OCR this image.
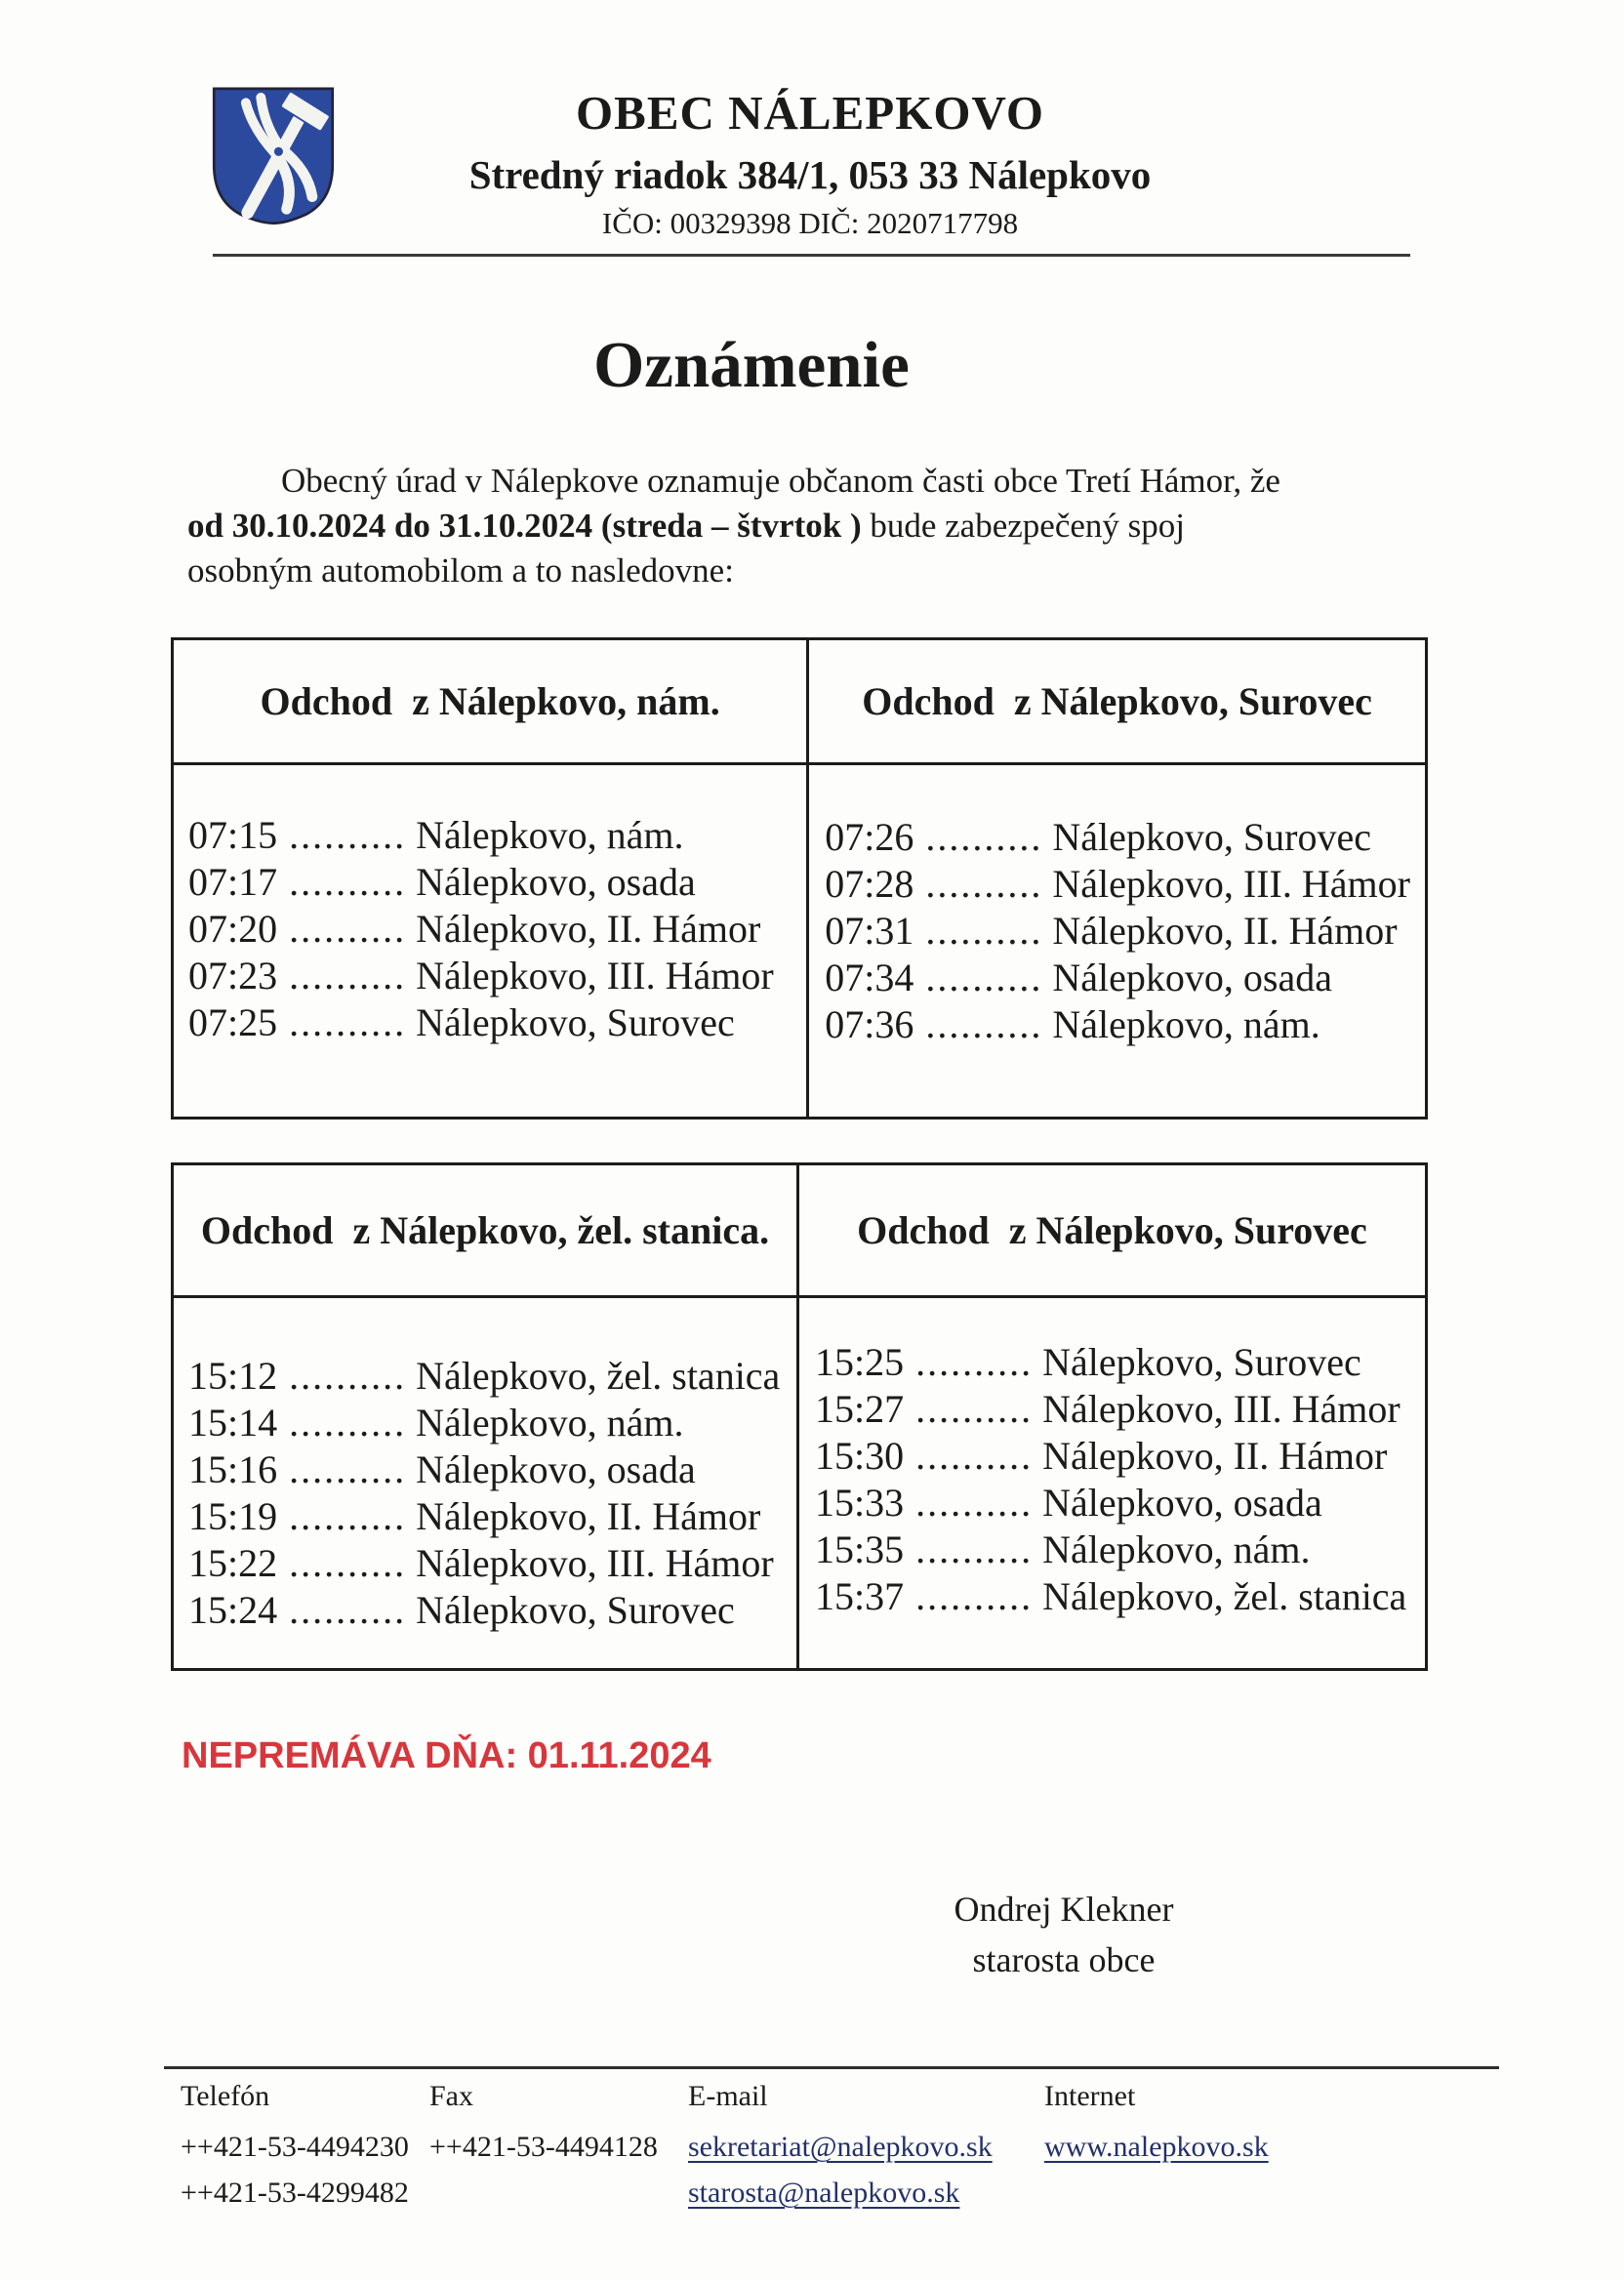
OBEC NÁLEPKOVO
Stredný riadok 384/1, 053 33 Nálepkovo
IČO: 00329398 DIČ: 2020717798
Oznámenie
Obecný úrad v Nálepkove oznamuje občanom časti obce Tretí Hámor, že
od 30.10.2024 do 31.10.2024 (streda – štvrtok ) bude zabezpečený spoj
osobným automobilom a to nasledovne:
Odchod  z Nálepkovo, nám.	Odchod  z Nálepkovo, Surovec
07:15 .......... Nálepkovo, nám.
07:17 .......... Nálepkovo, osada
07:20 .......... Nálepkovo, II. Hámor
07:23 .......... Nálepkovo, III. Hámor
07:25 .......... Nálepkovo, Surovec
07:26 .......... Nálepkovo, Surovec
07:28 .......... Nálepkovo, III. Hámor
07:31 .......... Nálepkovo, II. Hámor
07:34 .......... Nálepkovo, osada
07:36 .......... Nálepkovo, nám.
Odchod  z Nálepkovo, žel. stanica.	Odchod  z Nálepkovo, Surovec
15:12 .......... Nálepkovo, žel. stanica
15:14 .......... Nálepkovo, nám.
15:16 .......... Nálepkovo, osada
15:19 .......... Nálepkovo, II. Hámor
15:22 .......... Nálepkovo, III. Hámor
15:24 .......... Nálepkovo, Surovec
15:25 .......... Nálepkovo, Surovec
15:27 .......... Nálepkovo, III. Hámor
15:30 .......... Nálepkovo, II. Hámor
15:33 .......... Nálepkovo, osada
15:35 .......... Nálepkovo, nám.
15:37 .......... Nálepkovo, žel. stanica
NEPREMÁVA DŇA: 01.11.2024
Ondrej Klekner
starosta obce
Telefón
++421-53-4494230
++421-53-4299482
Fax
++421-53-4494128
E-mail
sekretariat@nalepkovo.sk
starosta@nalepkovo.sk
Internet
www.nalepkovo.sk
